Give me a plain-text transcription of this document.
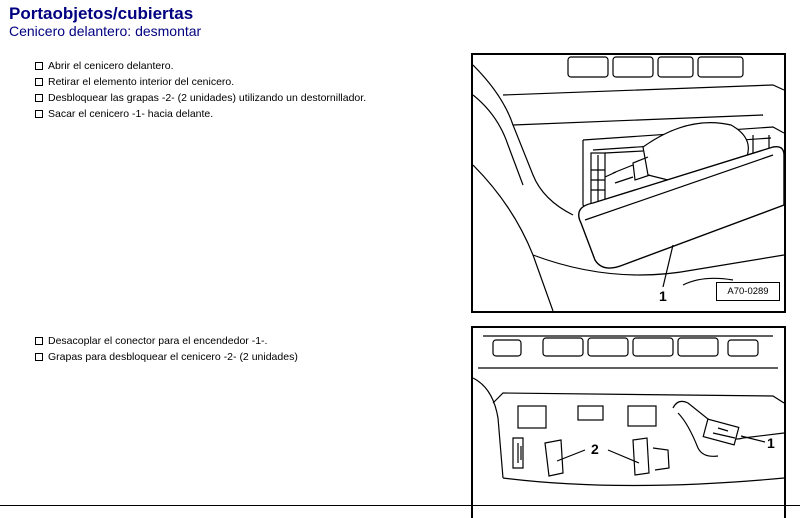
Portaobjetos/cubiertas
Cenicero delantero: desmontar
Abrir el cenicero delantero.
Retirar el elemento interior del cenicero.
Desbloquear las grapas -2- (2 unidades) utilizando un destornillador.
Sacar el cenicero -1- hacia delante.
1	A70-0289
Desacoplar el conector para el encendedor -1-.
Grapas para desbloquear el cenicero -2- (2 unidades)
1
2
